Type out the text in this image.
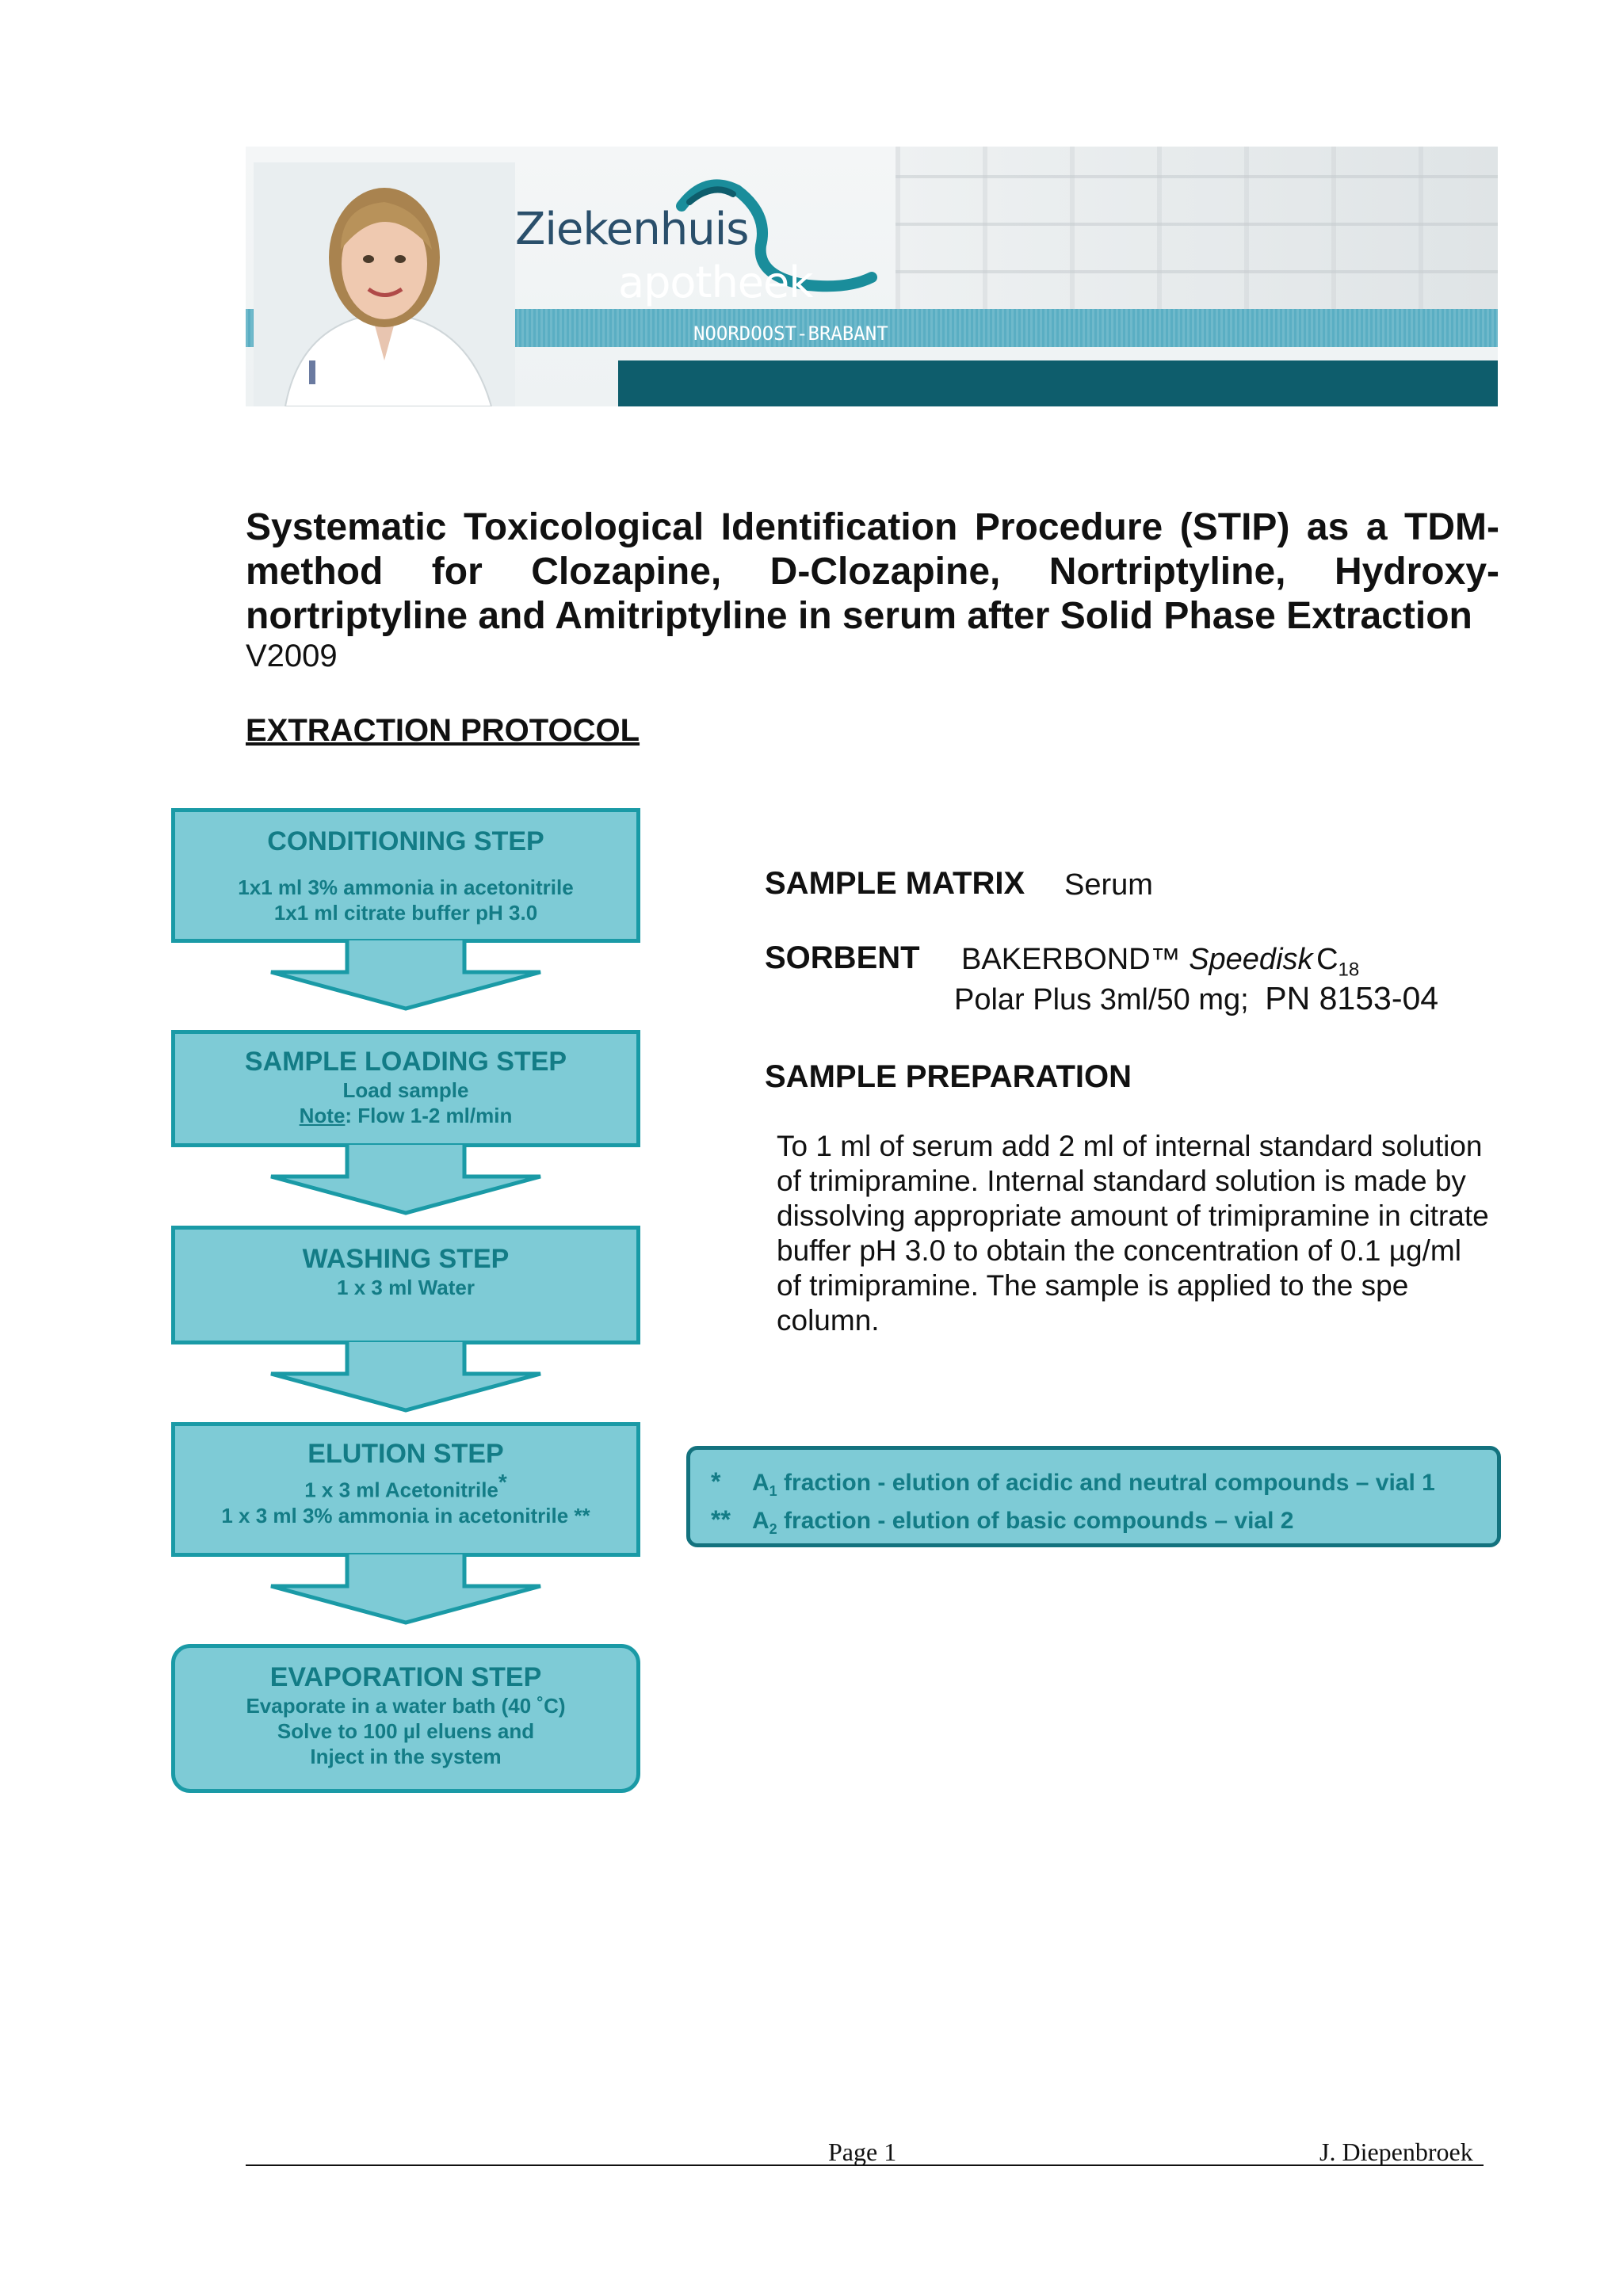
Ziekenhuis
apotheek
NOORDOOST-BRABANT
Systematic Toxicological Identification Procedure (STIP) as a TDM-method for Clozapine, D-Clozapine, Nortriptyline, Hydroxy-nortriptyline and Amitriptyline in serum after Solid Phase Extraction
V2009
EXTRACTION PROTOCOL
CONDITIONING STEP
1x1 ml 3% ammonia in acetonitrile
1x1 ml citrate buffer pH 3.0
SAMPLE LOADING STEP
Load sample
Note: Flow 1-2 ml/min
WASHING STEP
1 x 3 ml Water
ELUTION STEP
1 x 3 ml Acetonitrile*
1 x 3 ml 3% ammonia in acetonitrile **
EVAPORATION STEP
Evaporate in a water bath (40 ˚C)
Solve to 100 µl eluens and
Inject in the system
SAMPLE MATRIX Serum
SORBENT BAKERBOND™ Speedisk $C_{18}$
Polar Plus 3ml/50 mg; PN 8153-04
SAMPLE PREPARATION
To 1 ml of serum add 2 ml of internal standard solution of trimipramine. Internal standard solution is made by dissolving appropriate amount of trimipramine in citrate buffer pH 3.0 to obtain the concentration of 0.1 µg/ml of trimipramine. The sample is applied to the spe column.
* $A_1$ fraction - elution of acidic and neutral compounds – vial 1
** $A_2$ fraction - elution of basic compounds – vial 2
Page 1	J. Diepenbroek
